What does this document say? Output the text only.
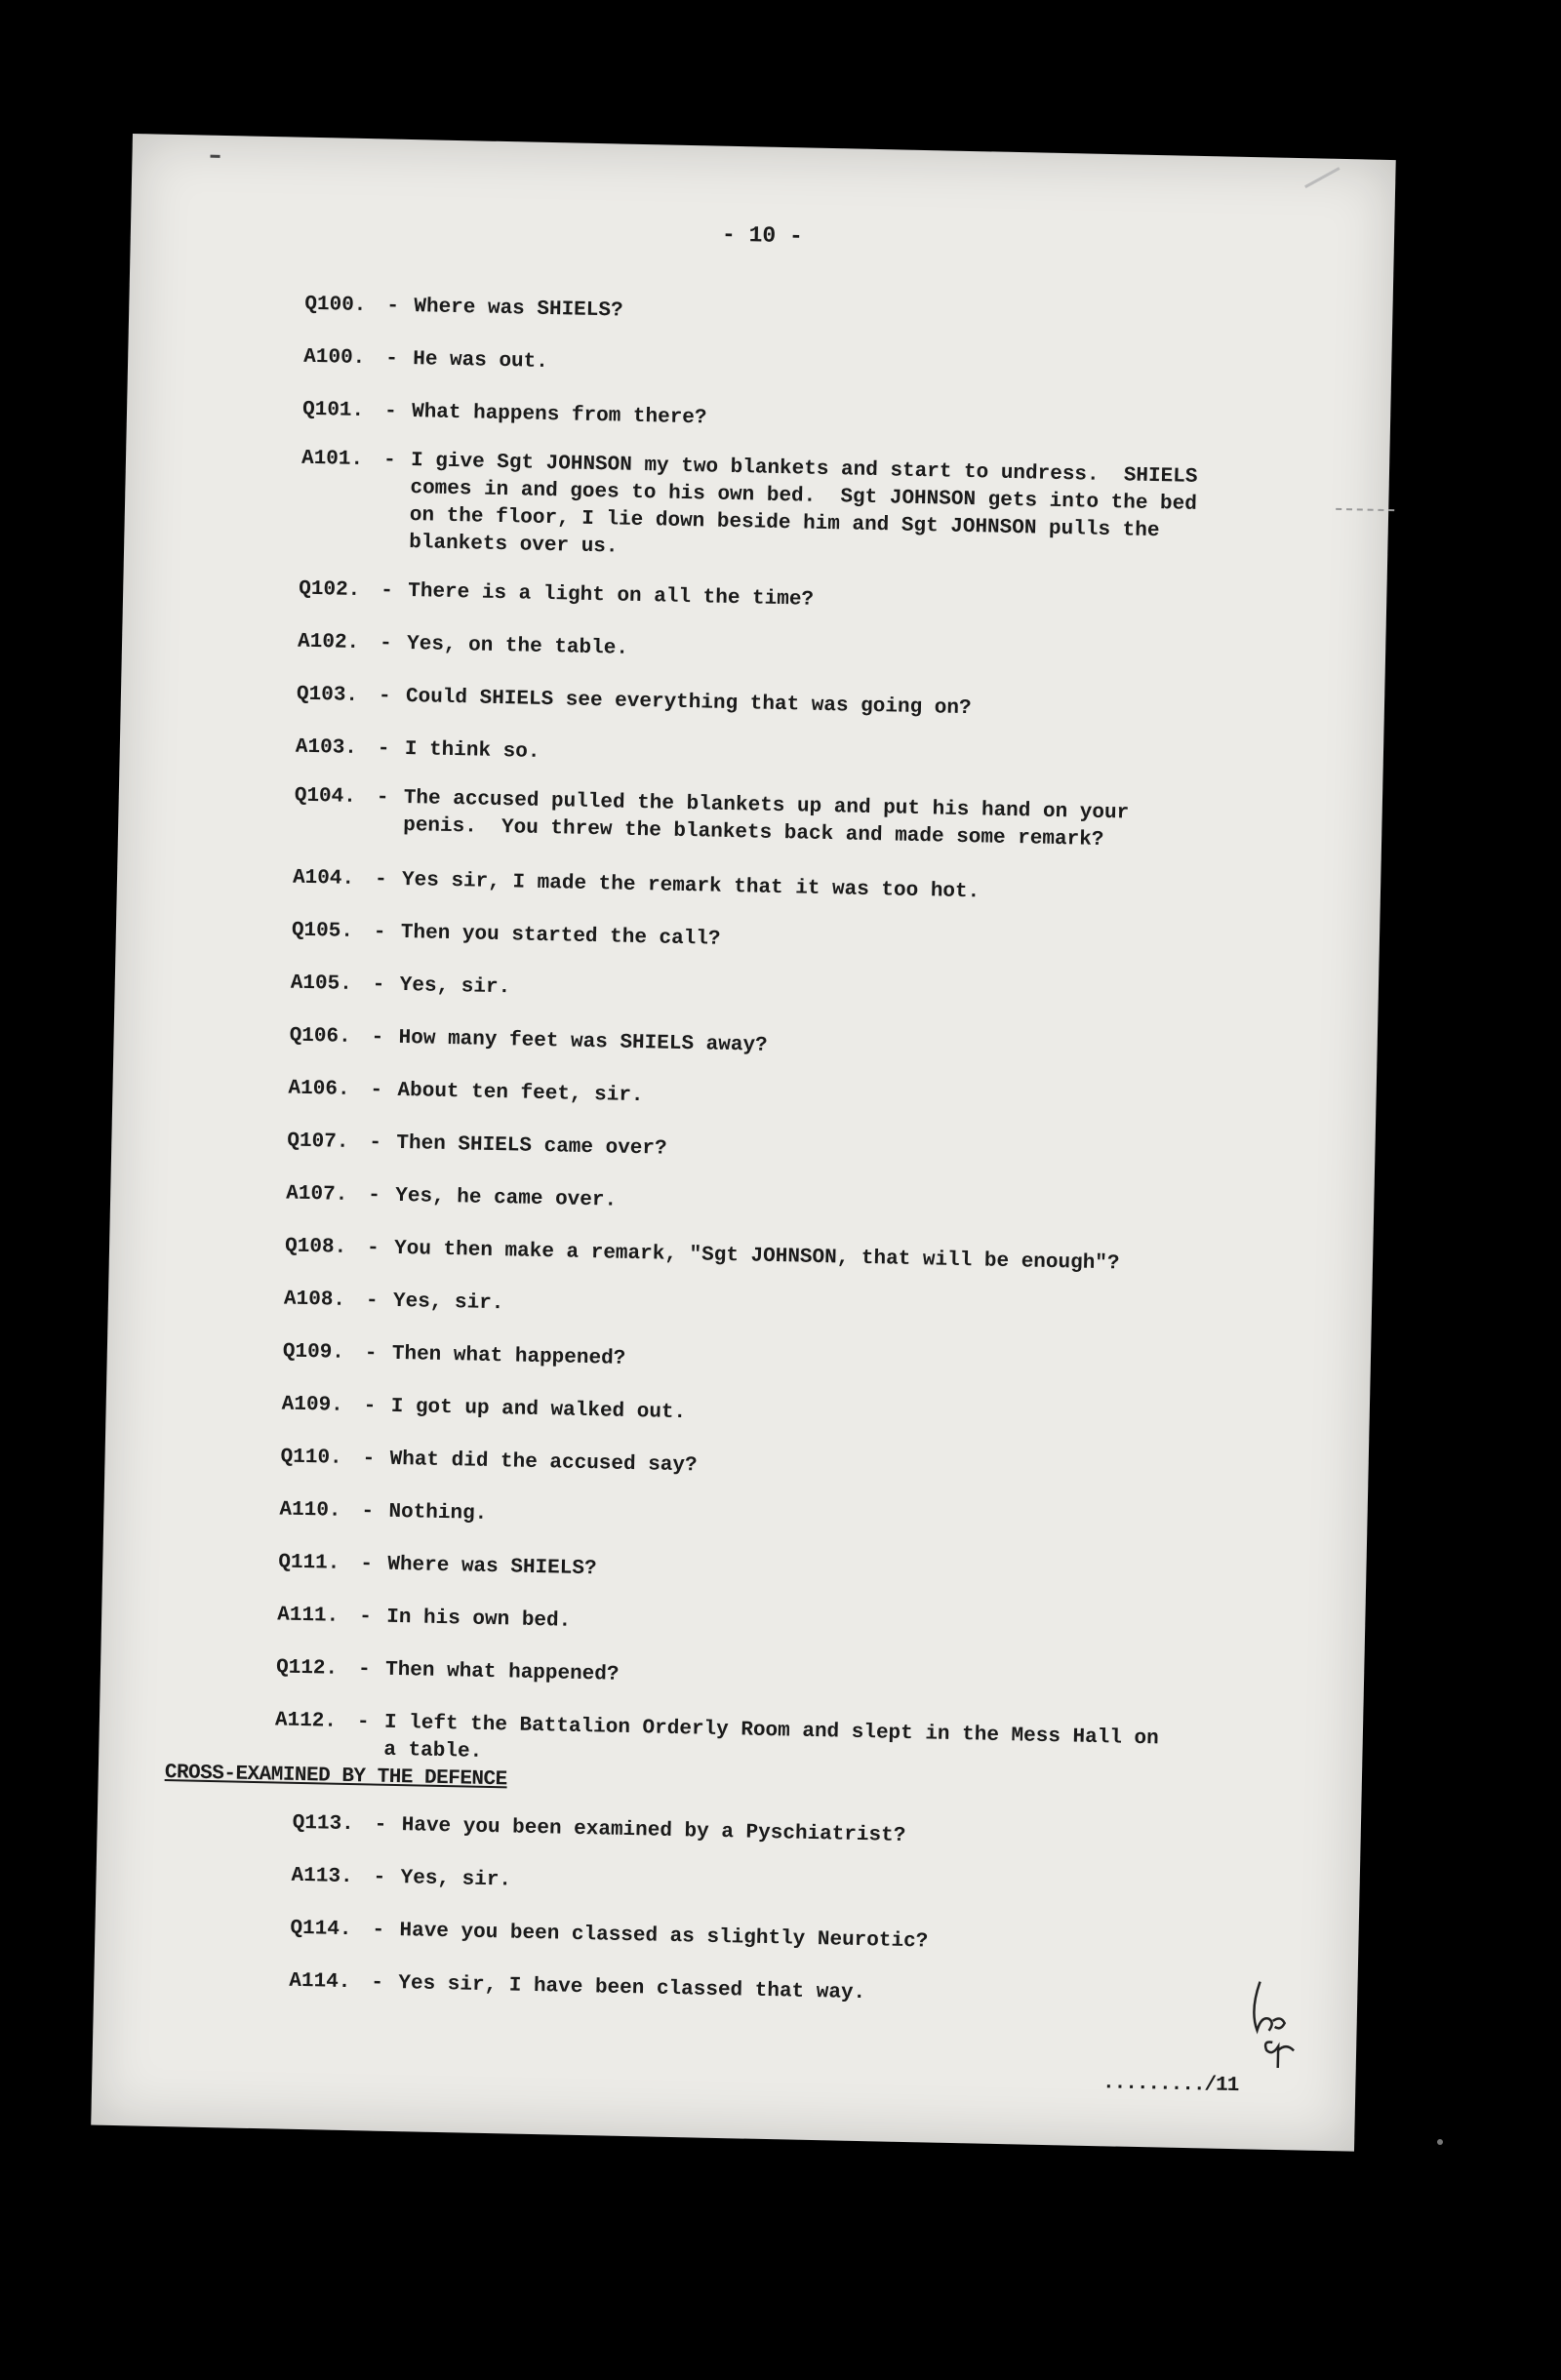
- 10 -
Q100. - Where was SHIELS?
A100. - He was out.
Q101. - What happens from there?
A101. - I give Sgt JOHNSON my two blankets and start to undress.  SHIELS
comes in and goes to his own bed.  Sgt JOHNSON gets into the bed
on the floor, I lie down beside him and Sgt JOHNSON pulls the
blankets over us.
Q102. - There is a light on all the time?
A102. - Yes, on the table.
Q103. - Could SHIELS see everything that was going on?
A103. - I think so.
Q104. - The accused pulled the blankets up and put his hand on your
penis.  You threw the blankets back and made some remark?
A104. - Yes sir, I made the remark that it was too hot.
Q105. - Then you started the call?
A105. - Yes, sir.
Q106. - How many feet was SHIELS away?
A106. - About ten feet, sir.
Q107. - Then SHIELS came over?
A107. - Yes, he came over.
Q108. - You then make a remark, "Sgt JOHNSON, that will be enough"?
A108. - Yes, sir.
Q109. - Then what happened?
A109. - I got up and walked out.
Q110. - What did the accused say?
A110. - Nothing.
Q111. - Where was SHIELS?
A111. - In his own bed.
Q112. - Then what happened?
A112. - I left the Battalion Orderly Room and slept in the Mess Hall on
a table.
CROSS-EXAMINED BY THE DEFENCE
Q113. - Have you been examined by a Pyschiatrist?
A113. - Yes, sir.
Q114. - Have you been classed as slightly Neurotic?
A114. - Yes sir, I have been classed that way.
........./11
